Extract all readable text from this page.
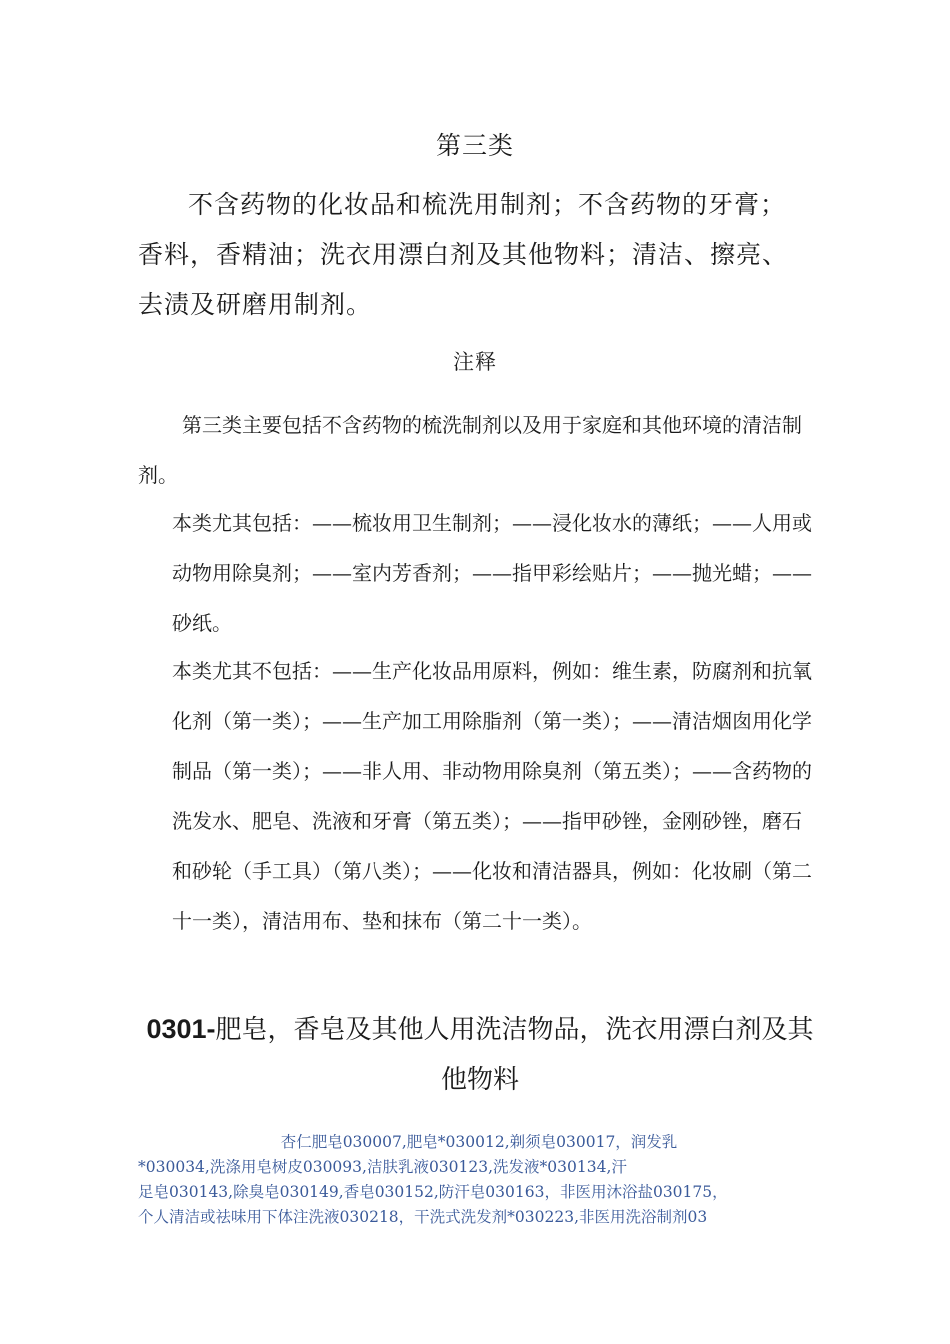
第三类

不含药物的化妆品和梳洗用制剂；不含药物的牙膏；香料，香精油；洗衣用漂白剂及其他物料；清洁、擦亮、去渍及研磨用制剂。

注释

第三类主要包括不含药物的梳洗制剂以及用于家庭和其他环境的清洁制剂。

本类尤其包括：——梳妆用卫生制剂；——浸化妆水的薄纸；——人用或动物用除臭剂；——室内芳香剂；——指甲彩绘贴片；——抛光蜡；——砂纸。

本类尤其不包括：——生产化妆品用原料，例如：维生素，防腐剂和抗氧化剂（第一类）；——生产加工用除脂剂（第一类）；——清洁烟囱用化学制品（第一类）；——非人用、非动物用除臭剂（第五类）；——含药物的洗发水、肥皂、洗液和牙膏（第五类）；——指甲砂锉，金刚砂锉，磨石和砂轮（手工具）（第八类）；——化妆和清洁器具，例如：化妆刷（第二十一类），清洁用布、垫和抹布（第二十一类）。

0301-肥皂，香皂及其他人用洗洁物品，洗衣用漂白剂及其他物料

杏仁肥皂030007,肥皂*030012,剃须皂030017，润发乳
*030034,洗涤用皂树皮030093,洁肤乳液030123,洗发液*030134,汗
足皂030143,除臭皂030149,香皂030152,防汗皂030163，非医用沐浴盐030175，
个人清洁或祛味用下体注洗液030218，干洗式洗发剂*030223,非医用洗浴制剂03
